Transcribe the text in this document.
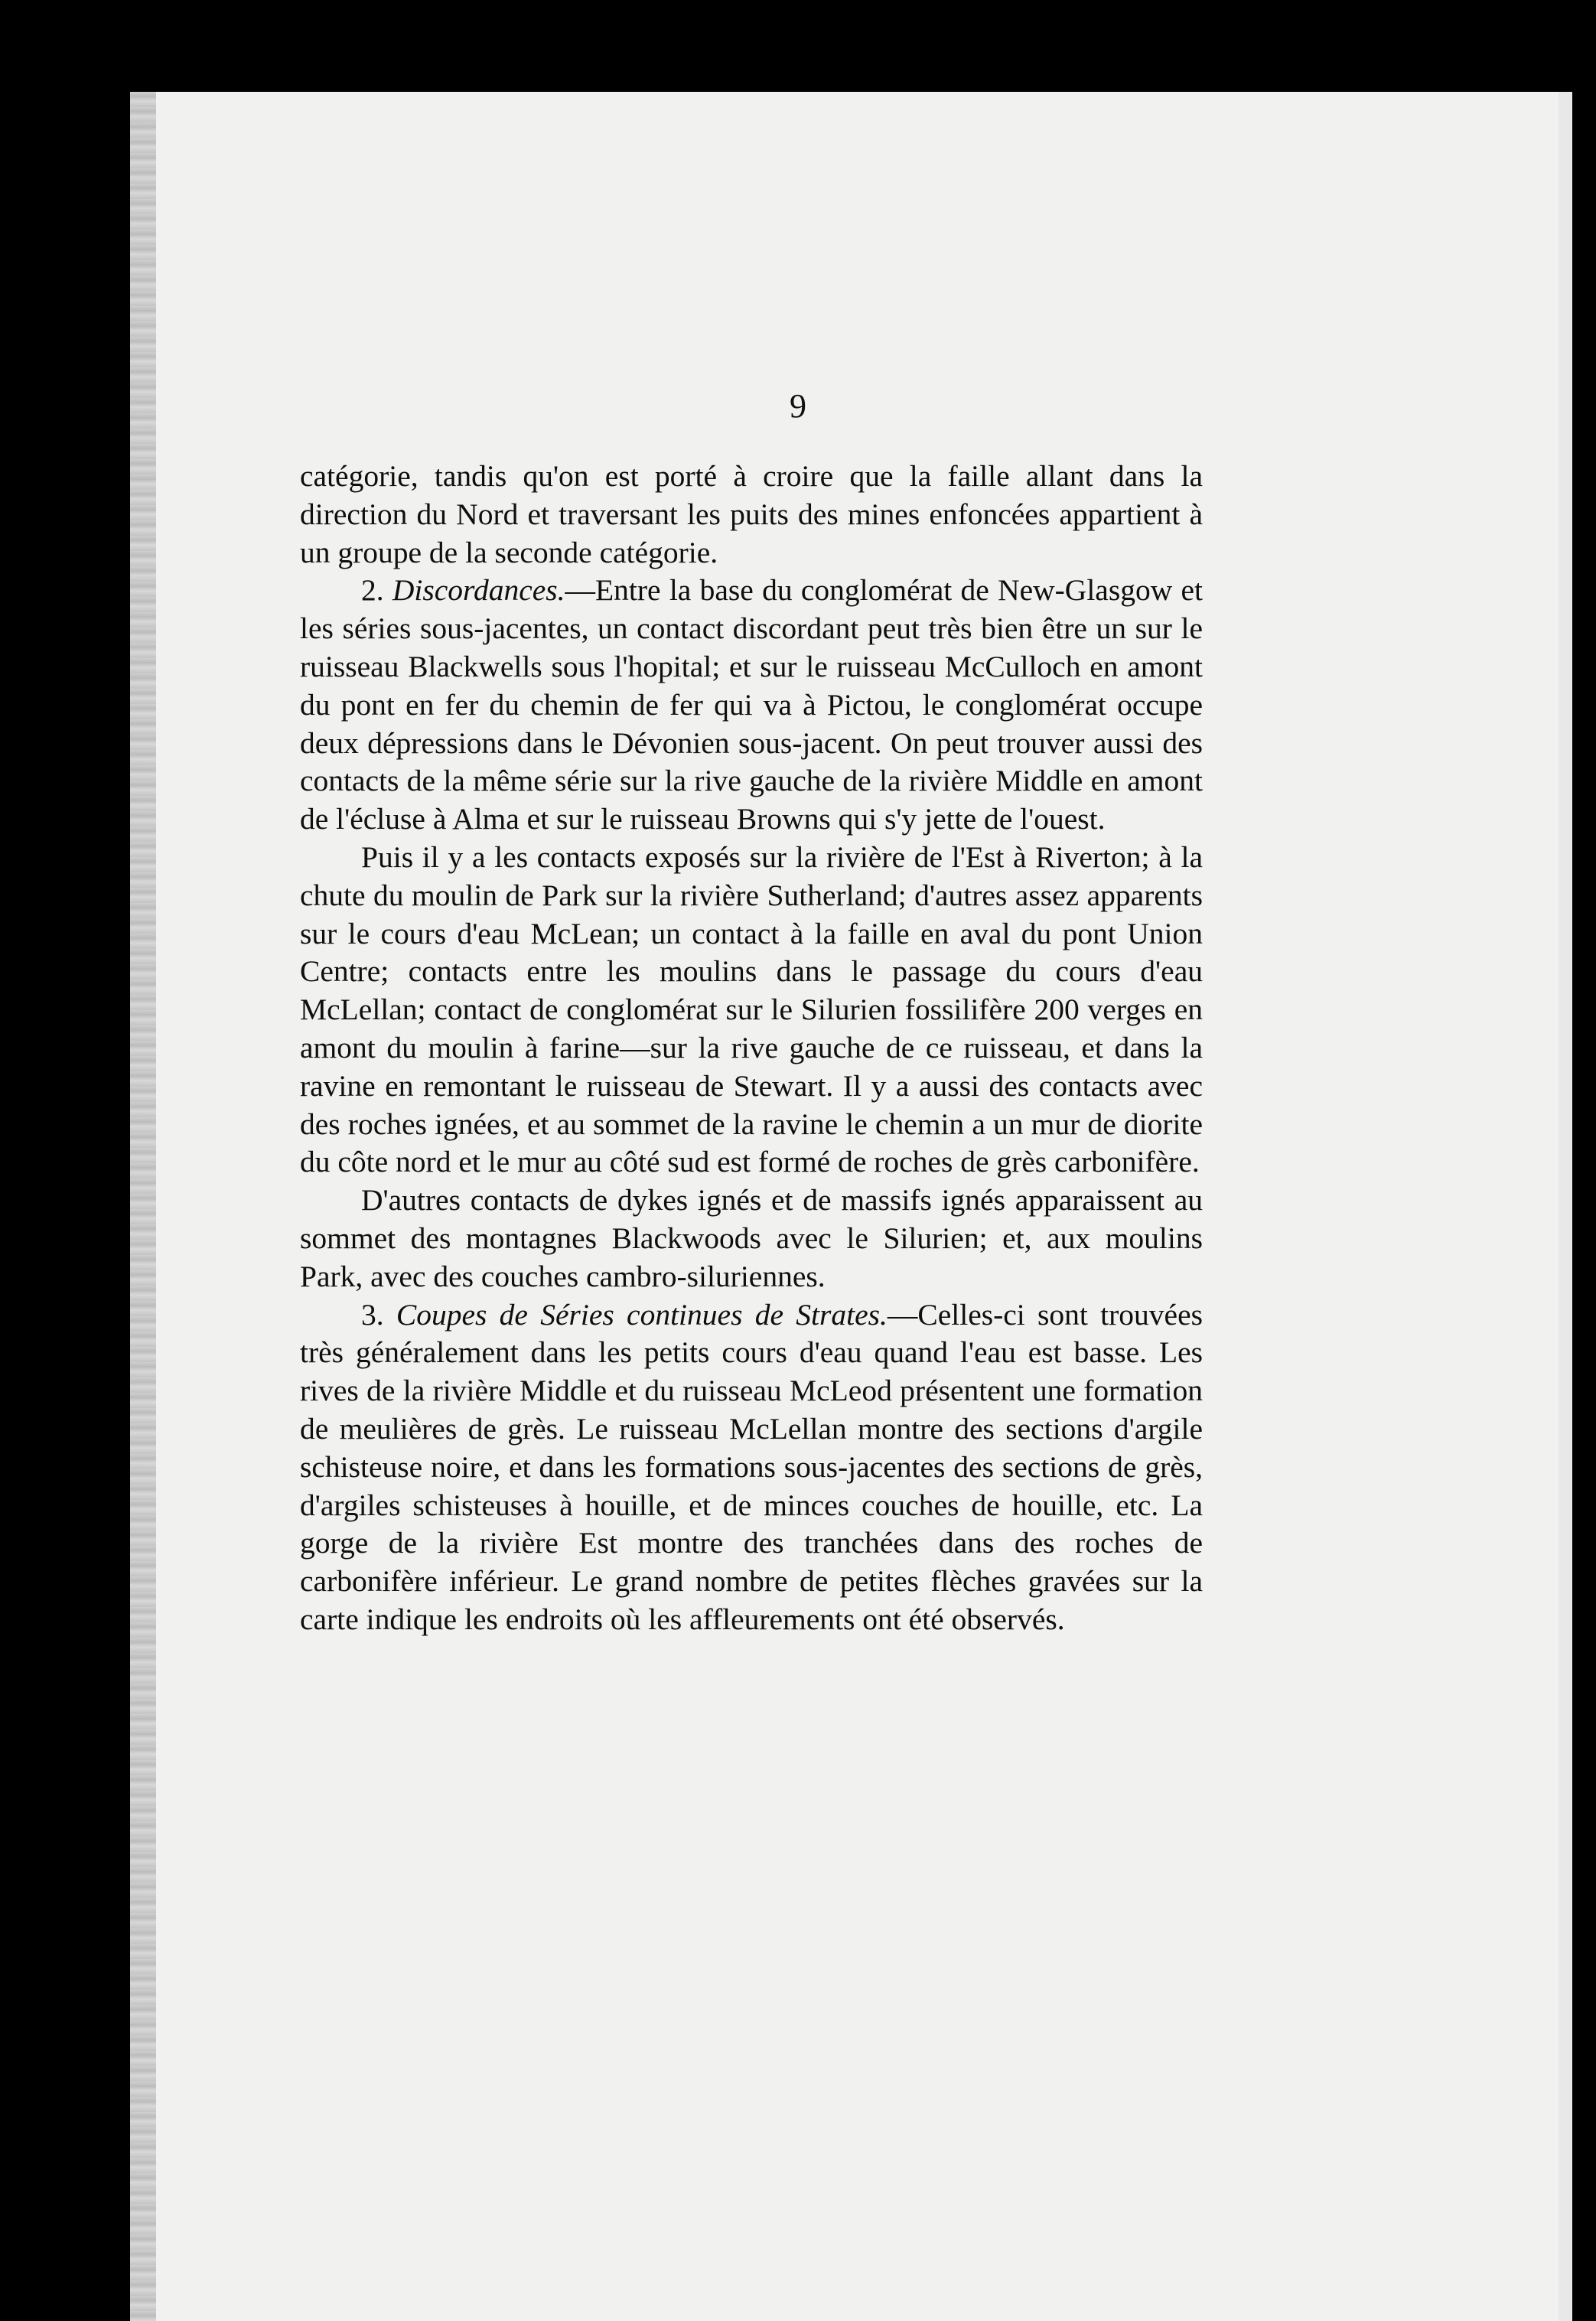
9

catégorie, tandis qu'on est porté à croire que la faille allant dans la direction du Nord et traversant les puits des mines enfoncées appartient à un groupe de la seconde catégorie.

2. Discordances.—Entre la base du conglomérat de New-Glasgow et les séries sous-jacentes, un contact discordant peut très bien être un sur le ruisseau Blackwells sous l'hopital; et sur le ruisseau McCulloch en amont du pont en fer du chemin de fer qui va à Pictou, le conglomérat occupe deux dépressions dans le Dévonien sous-jacent. On peut trouver aussi des contacts de la même série sur la rive gauche de la rivière Middle en amont de l'écluse à Alma et sur le ruisseau Browns qui s'y jette de l'ouest.

Puis il y a les contacts exposés sur la rivière de l'Est à Riverton; à la chute du moulin de Park sur la rivière Sutherland; d'autres assez apparents sur le cours d'eau McLean; un contact à la faille en aval du pont Union Centre; contacts entre les moulins dans le passage du cours d'eau McLellan; contact de conglomérat sur le Silurien fossilifère 200 verges en amont du moulin à farine—sur la rive gauche de ce ruisseau, et dans la ravine en remontant le ruisseau de Stewart. Il y a aussi des contacts avec des roches ignées, et au sommet de la ravine le chemin a un mur de diorite du côte nord et le mur au côté sud est formé de roches de grès carbonifère.

D'autres contacts de dykes ignés et de massifs ignés apparaissent au sommet des montagnes Blackwoods avec le Silurien; et, aux moulins Park, avec des couches cambro-siluriennes.

3. Coupes de Séries continues de Strates.—Celles-ci sont trouvées très généralement dans les petits cours d'eau quand l'eau est basse. Les rives de la rivière Middle et du ruisseau McLeod présentent une formation de meulières de grès. Le ruisseau McLellan montre des sections d'argile schisteuse noire, et dans les formations sous-jacentes des sections de grès, d'argiles schisteuses à houille, et de minces couches de houille, etc. La gorge de la rivière Est montre des tranchées dans des roches de carbonifère inférieur. Le grand nombre de petites flèches gravées sur la carte indique les endroits où les affleurements ont été observés.
